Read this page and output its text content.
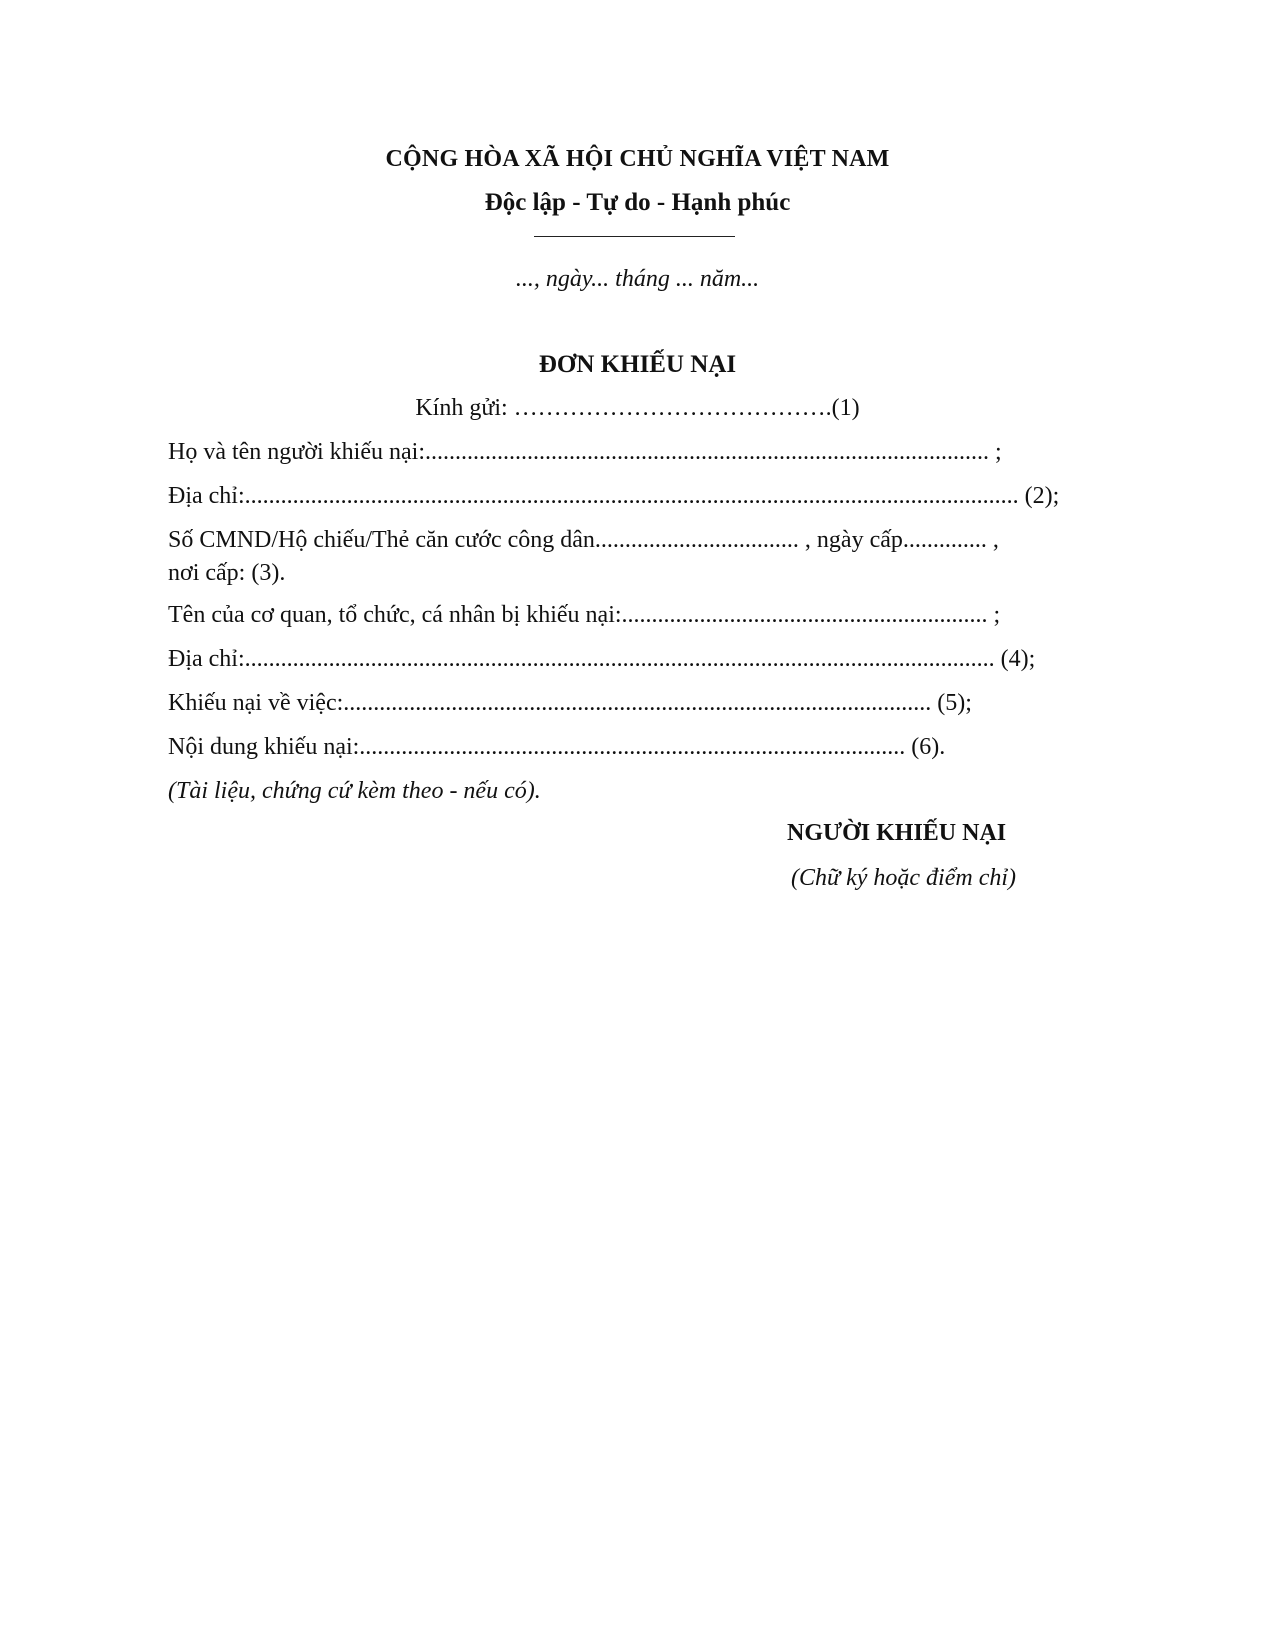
CỘNG HÒA XÃ HỘI CHỦ NGHĨA VIỆT NAM
Độc lập - Tự do - Hạnh phúc
..., ngày... tháng ... năm...
ĐƠN KHIẾU NẠI
Kính gửi: ………………………………….(1)
Họ và tên người khiếu nại:.............................................................................................. ;
Địa chỉ:................................................................................................................................. (2);
Số CMND/Hộ chiếu/Thẻ căn cước công dân.................................. , ngày cấp.............. ,
nơi cấp: (3).
Tên của cơ quan, tổ chức, cá nhân bị khiếu nại:............................................................. ;
Địa chỉ:............................................................................................................................. (4);
Khiếu nại về việc:.................................................................................................. (5);
Nội dung khiếu nại:........................................................................................... (6).
(Tài liệu, chứng cứ kèm theo - nếu có).
NGƯỜI KHIẾU NẠI
(Chữ ký hoặc điểm chỉ)
